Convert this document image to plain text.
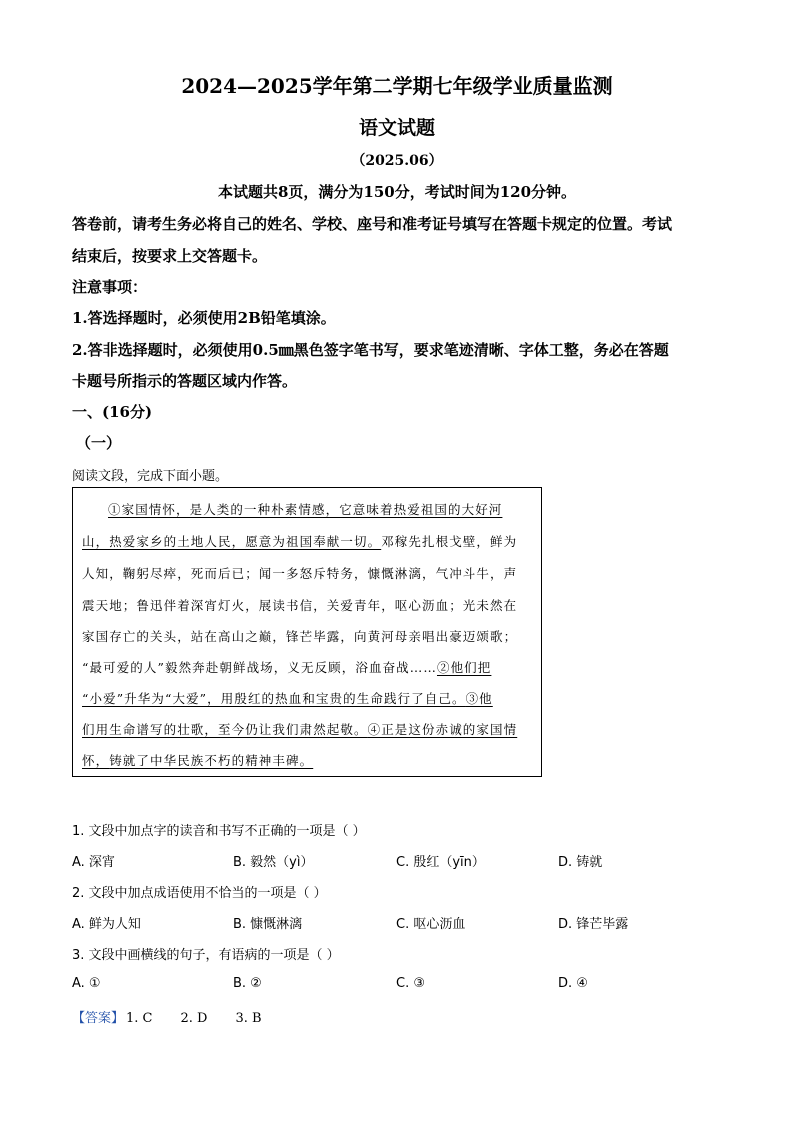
2024—2025学年第二学期七年级学业质量监测
语文试题
（2025.06）
本试题共8页，满分为150分，考试时间为120分钟。
答卷前，请考生务必将自己的姓名、学校、座号和准考证号填写在答题卡规定的位置。考试
结束后，按要求上交答题卡。
注意事项：
1.答选择题时，必须使用2B铅笔填涂。
2.答非选择题时，必须使用0.5㎜黑色签字笔书写，要求笔迹清晰、字体工整，务必在答题
卡题号所指示的答题区域内作答。
一、(16分)
（一）
阅读文段，完成下面小题。
①家国情怀，是人类的一种朴素情感，它意味着热爱祖国的大好河
山，热爱家乡的土地人民，愿意为祖国奉献一切。邓稼先扎根戈壁，鲜为
人知，鞠躬尽瘁，死而后已；闻一多怒斥特务，慷慨淋漓，气冲斗牛，声
震天地；鲁迅伴着深宵灯火，展读书信，关爱青年，呕心沥血；光未然在
家国存亡的关头，站在高山之巅，锋芒毕露，向黄河母亲唱出豪迈颂歌；
“最可爱的人”毅然奔赴朝鲜战场，义无反顾，浴血奋战……②他们把
“小爱”升华为“大爱”，用殷红的热血和宝贵的生命践行了自己。③他
们用生命谱写的壮歌，至今仍让我们肃然起敬。④正是这份赤诚的家国情
怀，铸就了中华民族不朽的精神丰碑。
1. 文段中加点字的读音和书写不正确的一项是（ ）
A. 深宵	B. 毅然（yì）	C. 殷红（yīn）	D. 铸就
2. 文段中加点成语使用不恰当的一项是（ ）
A. 鲜为人知	B. 慷慨淋漓	C. 呕心沥血	D. 锋芒毕露
3. 文段中画横线的句子，有语病的一项是（ ）
A. ①	B. ②	C. ③	D. ④
【答案】 1. C 2. D 3. B
